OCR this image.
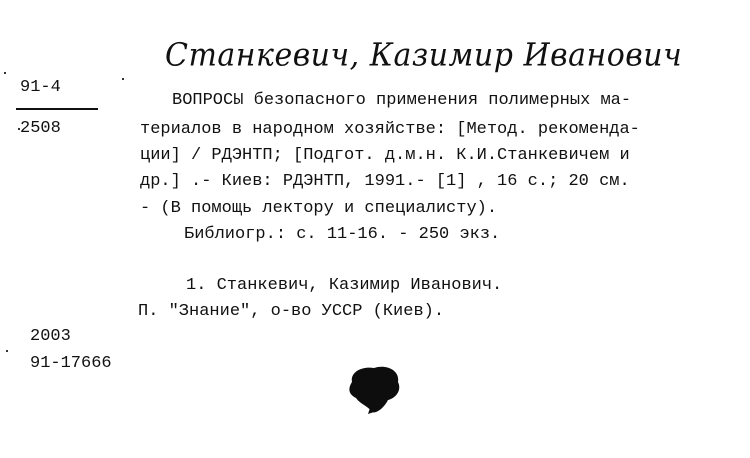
Станкевич, Казимир Иванович
91-4
2508
ВОПРОСЫ безопасного применения полимерных ма-
териалов в народном хозяйстве: [Метод. рекоменда-
ции] / РДЭНТП; [Подгот. д.м.н. К.И.Станкевичем и
др.] .- Киев: РДЭНТП, 1991.- [1] , 16 с.; 20 см.
- (В помощь лектору и специалисту).
Библиогр.: с. 11-16. - 250 экз.
1. Станкевич, Казимир Иванович.
П. "Знание", о-во УССР (Киев).
2003
91-17666
